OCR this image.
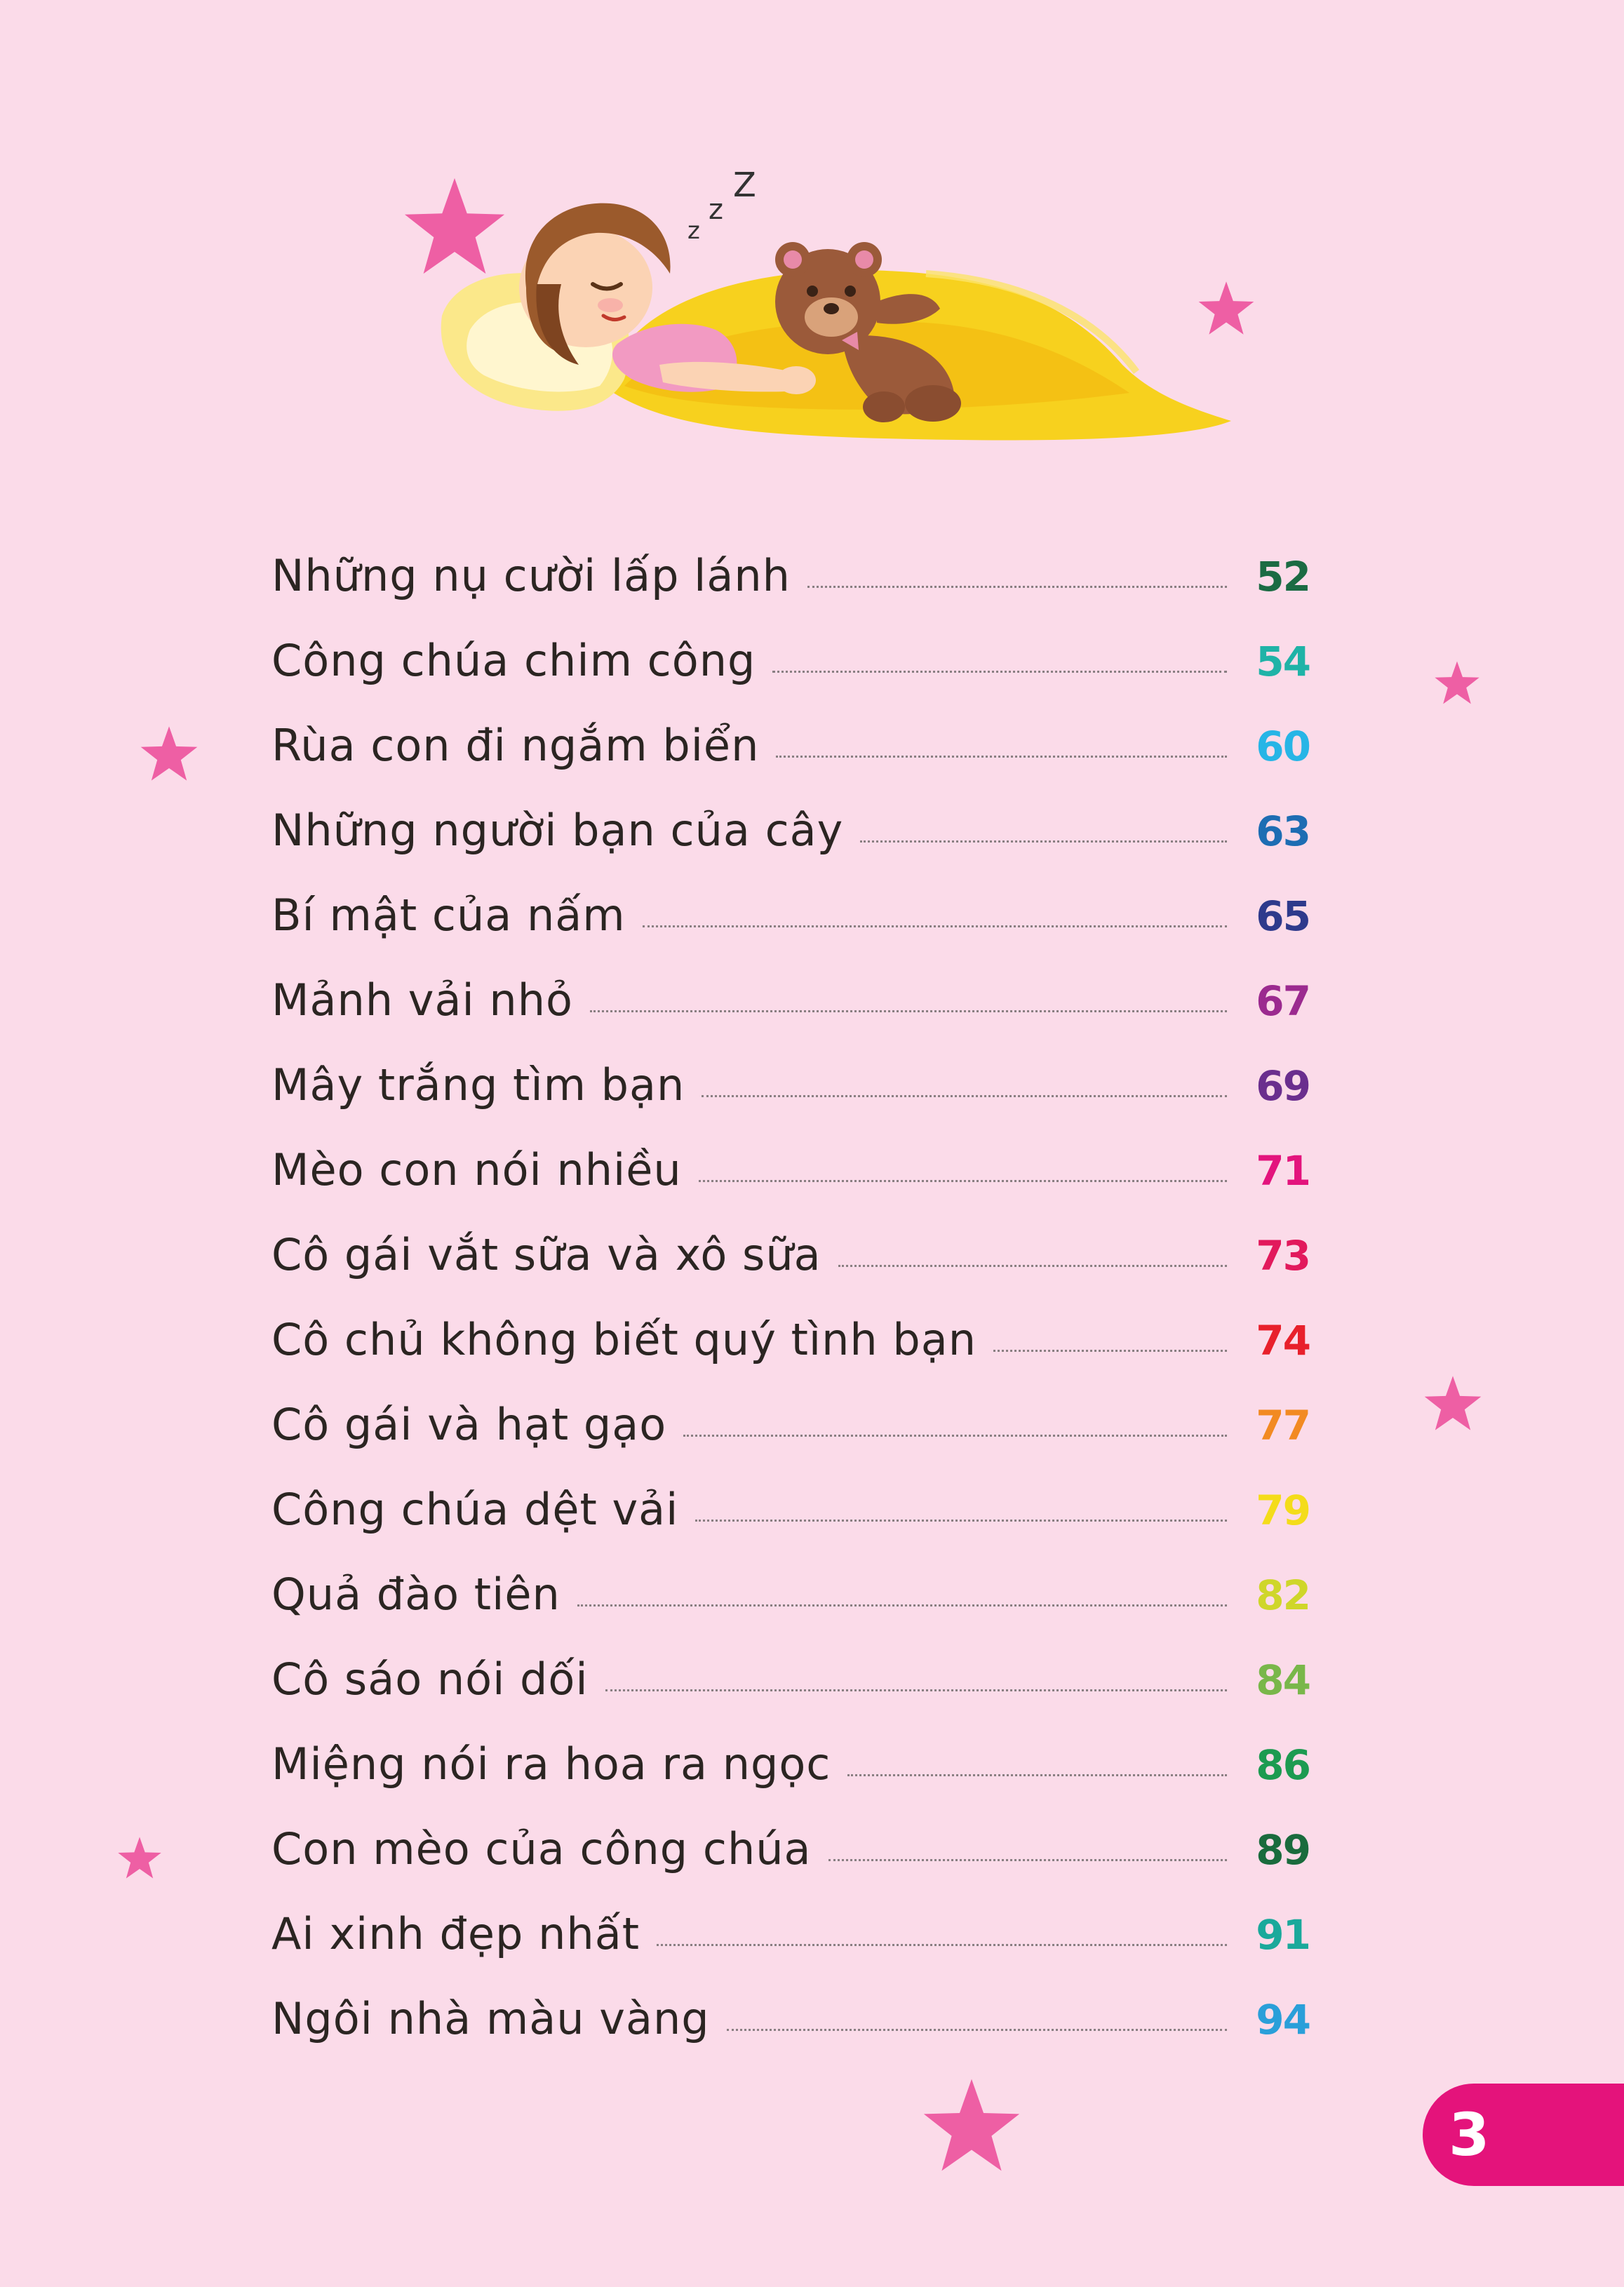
z
z
Z
Những nụ cười lấp lánh	52
Công chúa chim công	54
Rùa con đi ngắm biển	60
Những người bạn của cây	63
Bí mật của nấm	65
Mảnh vải nhỏ	67
Mây trắng tìm bạn	69
Mèo con nói nhiều	71
Cô gái vắt sữa và xô sữa	73
Cô chủ không biết quý tình bạn	74
Cô gái và hạt gạo	77
Công chúa dệt vải	79
Quả đào tiên	82
Cô sáo nói dối	84
Miệng nói ra hoa ra ngọc	86
Con mèo của công chúa	89
Ai xinh đẹp nhất	91
Ngôi nhà màu vàng	94
3
